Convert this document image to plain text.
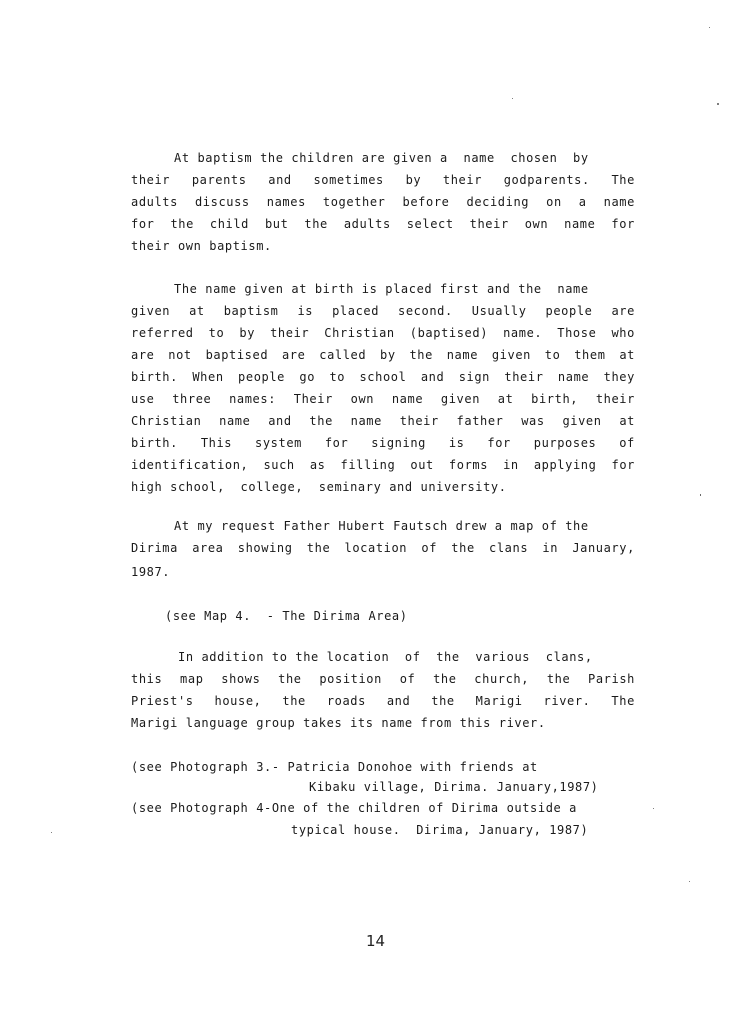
At baptism the children are given a  name  chosen  by
their parents and sometimes by their godparents. The
adults discuss names together before deciding on a name
for the child but the adults select their own name for
their own baptism.
The name given at birth is placed first and the  name
given at baptism is placed second. Usually people are
referred to by their Christian (baptised) name. Those who
are not baptised are called by the name given to them at
birth. When people go to school and sign their name they
use three names: Their own name given at birth, their
Christian name and the name their father was given at
birth. This system for signing is for purposes of
identification, such as filling out forms in applying for
high school,  college,  seminary and university.
At my request Father Hubert Fautsch drew a map of the
Dirima area showing the location of the clans in January,
1987.
(see Map 4.  - The Dirima Area)
In addition to the location  of  the  various  clans,
this map shows the position of the church, the Parish
Priest's house, the roads and the Marigi river. The
Marigi language group takes its name from this river.
(see Photograph 3.- Patricia Donohoe with friends at
Kibaku village, Dirima. January,1987)
(see Photograph 4-One of the children of Dirima outside a
typical house.  Dirima, January, 1987)
14
